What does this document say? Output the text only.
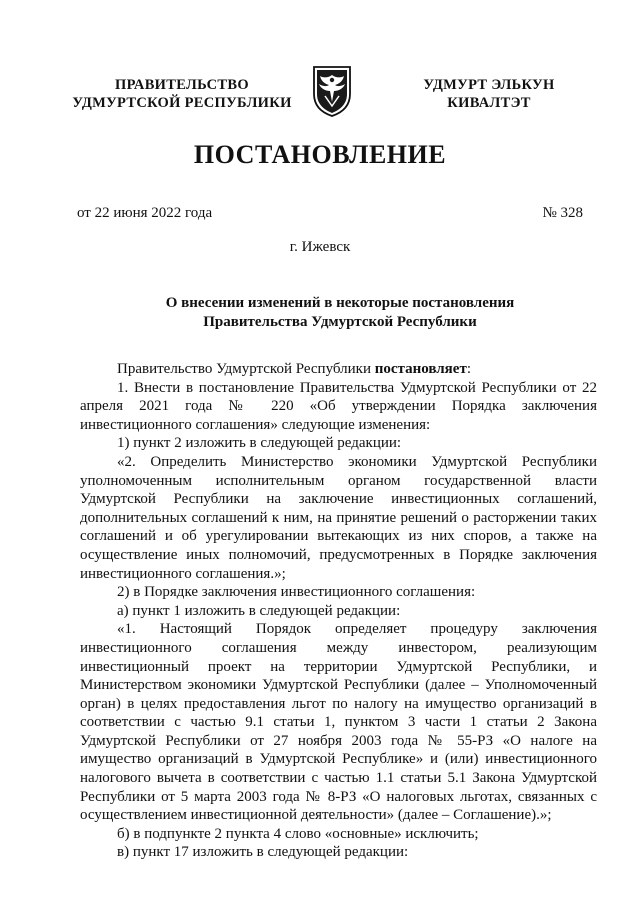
ПРАВИТЕЛЬСТВО
УДМУРТСКОЙ РЕСПУБЛИКИ
УДМУРТ ЭЛЬКУН
КИВАЛТЭТ
ПОСТАНОВЛЕНИЕ
от 22 июня 2022 года	№ 328
г. Ижевск
О внесении изменений в некоторые постановления
Правительства Удмуртской Республики

Правительство Удмуртской Республики постановляет:

1. Внести в постановление Правительства Удмуртской Республики от 22 апреля 2021 года № 220 «Об утверждении Порядка заключения инвестиционного соглашения» следующие изменения:

1) пункт 2 изложить в следующей редакции:

«2. Определить Министерство экономики Удмуртской Республики уполномоченным исполнительным органом государственной власти Удмуртской Республики на заключение инвестиционных соглашений, дополнительных соглашений к ним, на принятие решений о расторжении таких соглашений и об урегулировании вытекающих из них споров, а также на осуществление иных полномочий, предусмотренных в Порядке заключения инвестиционного соглашения.»;

2) в Порядке заключения инвестиционного соглашения:

а) пункт 1 изложить в следующей редакции:

«1. Настоящий Порядок определяет процедуру заключения инвестиционного соглашения между инвестором, реализующим инвестиционный проект на территории Удмуртской Республики, и Министерством экономики Удмуртской Республики (далее – Уполномоченный орган) в целях предоставления льгот по налогу на имущество организаций в соответствии с частью 9.1 статьи 1, пунктом 3 части 1 статьи 2 Закона Удмуртской Республики от 27 ноября 2003 года № 55-РЗ «О налоге на имущество организаций в Удмуртской Республике» и (или) инвестиционного налогового вычета в соответствии с частью 1.1 статьи 5.1 Закона Удмуртской Республики от 5 марта 2003 года № 8-РЗ «О налоговых льготах, связанных с осуществлением инвестиционной деятельности» (далее – Соглашение).»;

б) в подпункте 2 пункта 4 слово «основные» исключить;

в) пункт 17 изложить в следующей редакции:
